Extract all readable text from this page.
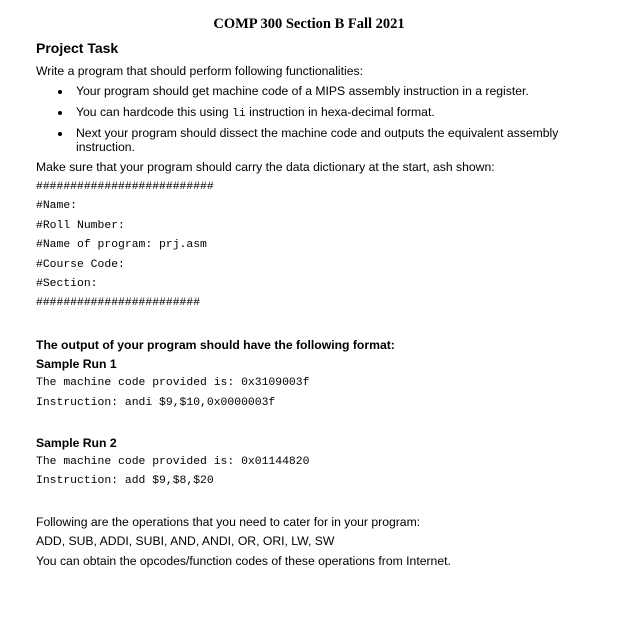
COMP 300 Section B Fall 2021
Project Task
Write a program that should perform following functionalities:
Your program should get machine code of a MIPS assembly instruction in a register.
You can hardcode this using li instruction in hexa-decimal format.
Next your program should dissect the machine code and outputs the equivalent assembly
instruction.
Make sure that your program should carry the data dictionary at the start, ash shown:
##########################
#Name:
#Roll Number:
#Name of program: prj.asm
#Course Code:
#Section:
########################
The output of your program should have the following format:
Sample Run 1
The machine code provided is: 0x3109003f
Instruction: andi $9,$10,0x0000003f
Sample Run 2
The machine code provided is: 0x01144820
Instruction: add $9,$8,$20
Following are the operations that you need to cater for in your program:
ADD, SUB, ADDI, SUBI, AND, ANDI, OR, ORI, LW, SW
You can obtain the opcodes/function codes of these operations from Internet.
